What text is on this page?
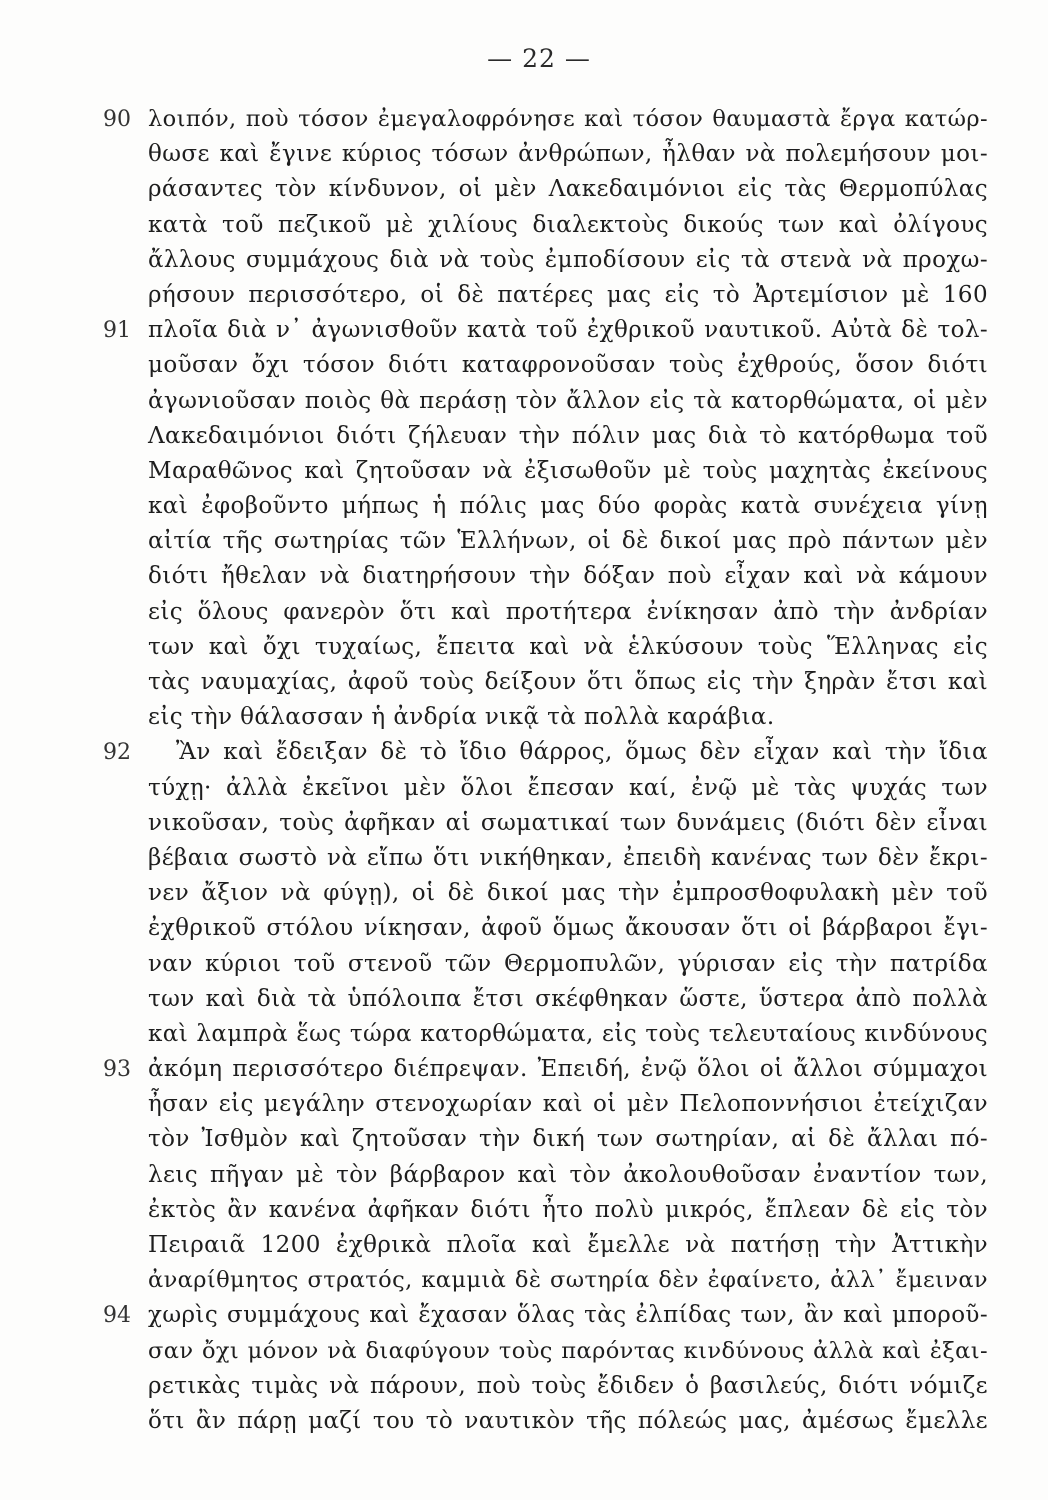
— 22 —
90 λοιπόν, ποὺ τόσον ἐμεγαλοφρόνησε καὶ τόσον θαυμαστὰ ἔργα κατώρ-
θωσε καὶ ἔγινε κύριος τόσων ἀνθρώπων, ἦλθαν νὰ πολεμήσουν μοι-
ράσαντες τὸν κίνδυνον, οἱ μὲν Λακεδαιμόνιοι εἰς τὰς Θερμοπύλας
κατὰ τοῦ πεζικοῦ μὲ χιλίους διαλεκτοὺς δικούς των καὶ ὀλίγους
ἄλλους συμμάχους διὰ νὰ τοὺς ἐμποδίσουν εἰς τὰ στενὰ νὰ προχω-
ρήσουν περισσότερο, οἱ δὲ πατέρες μας εἰς τὸ Ἀρτεμίσιον μὲ 160
91 πλοῖα διὰ ν᾽ ἀγωνισθοῦν κατὰ τοῦ ἐχθρικοῦ ναυτικοῦ. Αὐτὰ δὲ τολ-
μοῦσαν ὄχι τόσον διότι καταφρονοῦσαν τοὺς ἐχθρούς, ὅσον διότι
ἀγωνιοῦσαν ποιὸς θὰ περάσῃ τὸν ἄλλον εἰς τὰ κατορθώματα, οἱ μὲν
Λακεδαιμόνιοι διότι ζήλευαν τὴν πόλιν μας διὰ τὸ κατόρθωμα τοῦ
Μαραθῶνος καὶ ζητοῦσαν νὰ ἐξισωθοῦν μὲ τοὺς μαχητὰς ἐκείνους
καὶ ἐφοβοῦντο μήπως ἡ πόλις μας δύο φορὰς κατὰ συνέχεια γίνῃ
αἰτία τῆς σωτηρίας τῶν Ἑλλήνων, οἱ δὲ δικοί μας πρὸ πάντων μὲν
διότι ἤθελαν νὰ διατηρήσουν τὴν δόξαν ποὺ εἶχαν καὶ νὰ κάμουν
εἰς ὅλους φανερὸν ὅτι καὶ προτήτερα ἐνίκησαν ἀπὸ τὴν ἀνδρίαν
των καὶ ὄχι τυχαίως, ἔπειτα καὶ νὰ ἑλκύσουν τοὺς Ἕλληνας εἰς
τὰς ναυμαχίας, ἀφοῦ τοὺς δείξουν ὅτι ὅπως εἰς τὴν ξηρὰν ἔτσι καὶ
εἰς τὴν θάλασσαν ἡ ἀνδρία νικᾷ τὰ πολλὰ καράβια.
92 Ἂν καὶ ἔδειξαν δὲ τὸ ἴδιο θάρρος, ὅμως δὲν εἶχαν καὶ τὴν ἴδια
τύχῃ· ἀλλὰ ἐκεῖνοι μὲν ὅλοι ἔπεσαν καί, ἐνῷ μὲ τὰς ψυχάς των
νικοῦσαν, τοὺς ἀφῆκαν αἱ σωματικαί των δυνάμεις (διότι δὲν εἶναι
βέβαια σωστὸ νὰ εἴπω ὅτι νικήθηκαν, ἐπειδὴ κανένας των δὲν ἔκρι-
νεν ἄξιον νὰ φύγῃ), οἱ δὲ δικοί μας τὴν ἐμπροσθοφυλακὴ μὲν τοῦ
ἐχθρικοῦ στόλου νίκησαν, ἀφοῦ ὅμως ἄκουσαν ὅτι οἱ βάρβαροι ἔγι-
ναν κύριοι τοῦ στενοῦ τῶν Θερμοπυλῶν, γύρισαν εἰς τὴν πατρίδα
των καὶ διὰ τὰ ὑπόλοιπα ἔτσι σκέφθηκαν ὥστε, ὕστερα ἀπὸ πολλὰ
καὶ λαμπρὰ ἕως τώρα κατορθώματα, εἰς τοὺς τελευταίους κινδύνους
93 ἀκόμη περισσότερο διέπρεψαν. Ἐπειδή, ἐνῷ ὅλοι οἱ ἄλλοι σύμμαχοι
ἦσαν εἰς μεγάλην στενοχωρίαν καὶ οἱ μὲν Πελοποννήσιοι ἐτείχιζαν
τὸν Ἰσθμὸν καὶ ζητοῦσαν τὴν δική των σωτηρίαν, αἱ δὲ ἄλλαι πό-
λεις πῆγαν μὲ τὸν βάρβαρον καὶ τὸν ἀκολουθοῦσαν ἐναντίον των,
ἐκτὸς ἂν κανένα ἀφῆκαν διότι ἦτο πολὺ μικρός, ἔπλεαν δὲ εἰς τὸν
Πειραιᾶ 1200 ἐχθρικὰ πλοῖα καὶ ἔμελλε νὰ πατήσῃ τὴν Ἀττικὴν
ἀναρίθμητος στρατός, καμμιὰ δὲ σωτηρία δὲν ἐφαίνετο, ἀλλ᾽ ἔμειναν
94 χωρὶς συμμάχους καὶ ἔχασαν ὅλας τὰς ἐλπίδας των, ἂν καὶ μποροῦ-
σαν ὄχι μόνον νὰ διαφύγουν τοὺς παρόντας κινδύνους ἀλλὰ καὶ ἐξαι-
ρετικὰς τιμὰς νὰ πάρουν, ποὺ τοὺς ἔδιδεν ὁ βασιλεύς, διότι νόμιζε
ὅτι ἂν πάρῃ μαζί του τὸ ναυτικὸν τῆς πόλεώς μας, ἀμέσως ἔμελλε
